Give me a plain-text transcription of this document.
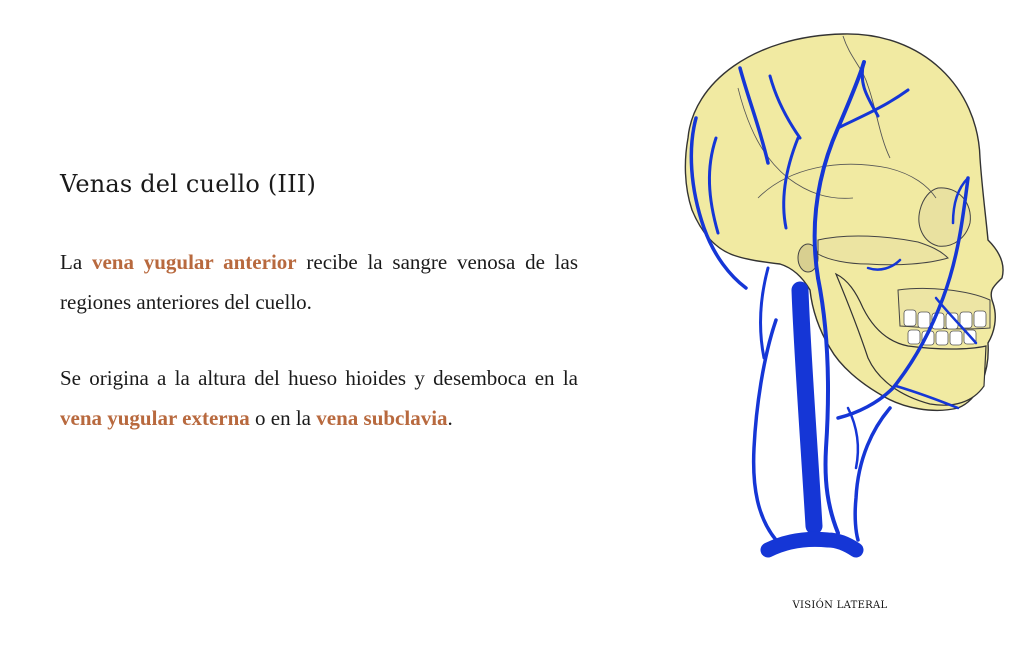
Venas del cuello (III)

La vena yugular anterior recibe la sangre venosa de las regiones anteriores del cuello.

Se origina a la altura del hueso hioides y desemboca en la vena yugular externa o en la vena subclavia.

VISIÓN LATERAL
